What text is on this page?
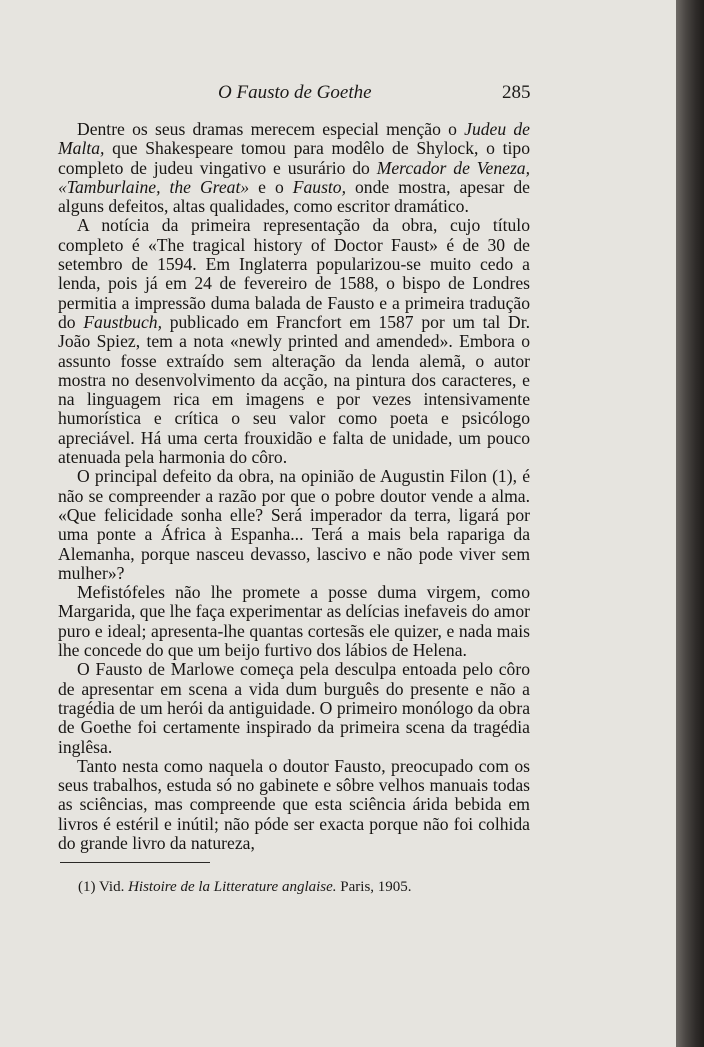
O Fausto de Goethe	285

Dentre os seus dramas merecem especial menção o Judeu de Malta, que Shakespeare tomou para modêlo de Shylock, o tipo completo de judeu vingativo e usurário do Mercador de Veneza, «Tamburlaine, the Great» e o Fausto, onde mostra, apesar de alguns defeitos, altas qualidades, como escritor dramático.

A notícia da primeira representação da obra, cujo título completo é «The tragical history of Doctor Faust» é de 30 de setembro de 1594. Em Inglaterra popularizou-se muito cedo a lenda, pois já em 24 de fevereiro de 1588, o bispo de Londres permitia a impressão duma balada de Fausto e a primeira tradução do Faustbuch, publicado em Francfort em 1587 por um tal Dr. João Spiez, tem a nota «newly printed and amended». Embora o assunto fosse extraído sem alteração da lenda alemã, o autor mostra no desenvolvimento da acção, na pintura dos caracteres, e na linguagem rica em imagens e por vezes intensivamente humorística e crítica o seu valor como poeta e psicólogo apreciável. Há uma certa frouxidão e falta de unidade, um pouco atenuada pela harmonia do côro.

O principal defeito da obra, na opinião de Augustin Filon (1), é não se compreender a razão por que o pobre doutor vende a alma. «Que felicidade sonha elle? Será imperador da terra, ligará por uma ponte a África à Espanha... Terá a mais bela rapariga da Alemanha, porque nasceu devasso, lascivo e não pode viver sem mulher»?

Mefistófeles não lhe promete a posse duma virgem, como Margarida, que lhe faça experimentar as delícias inefaveis do amor puro e ideal; apresenta-lhe quantas cortesãs ele quizer, e nada mais lhe concede do que um beijo furtivo dos lábios de Helena.

O Fausto de Marlowe começa pela desculpa entoada pelo côro de apresentar em scena a vida dum burguês do presente e não a tragédia de um herói da antiguidade. O primeiro monólogo da obra de Goethe foi certamente inspirado da primeira scena da tragédia inglêsa.

Tanto nesta como naquela o doutor Fausto, preocupado com os seus trabalhos, estuda só no gabinete e sôbre velhos manuais todas as sciências, mas compreende que esta sciência árida bebida em livros é estéril e inútil; não póde ser exacta porque não foi colhida do grande livro da natureza,

(1) Vid. Histoire de la Litterature anglaise. Paris, 1905.
